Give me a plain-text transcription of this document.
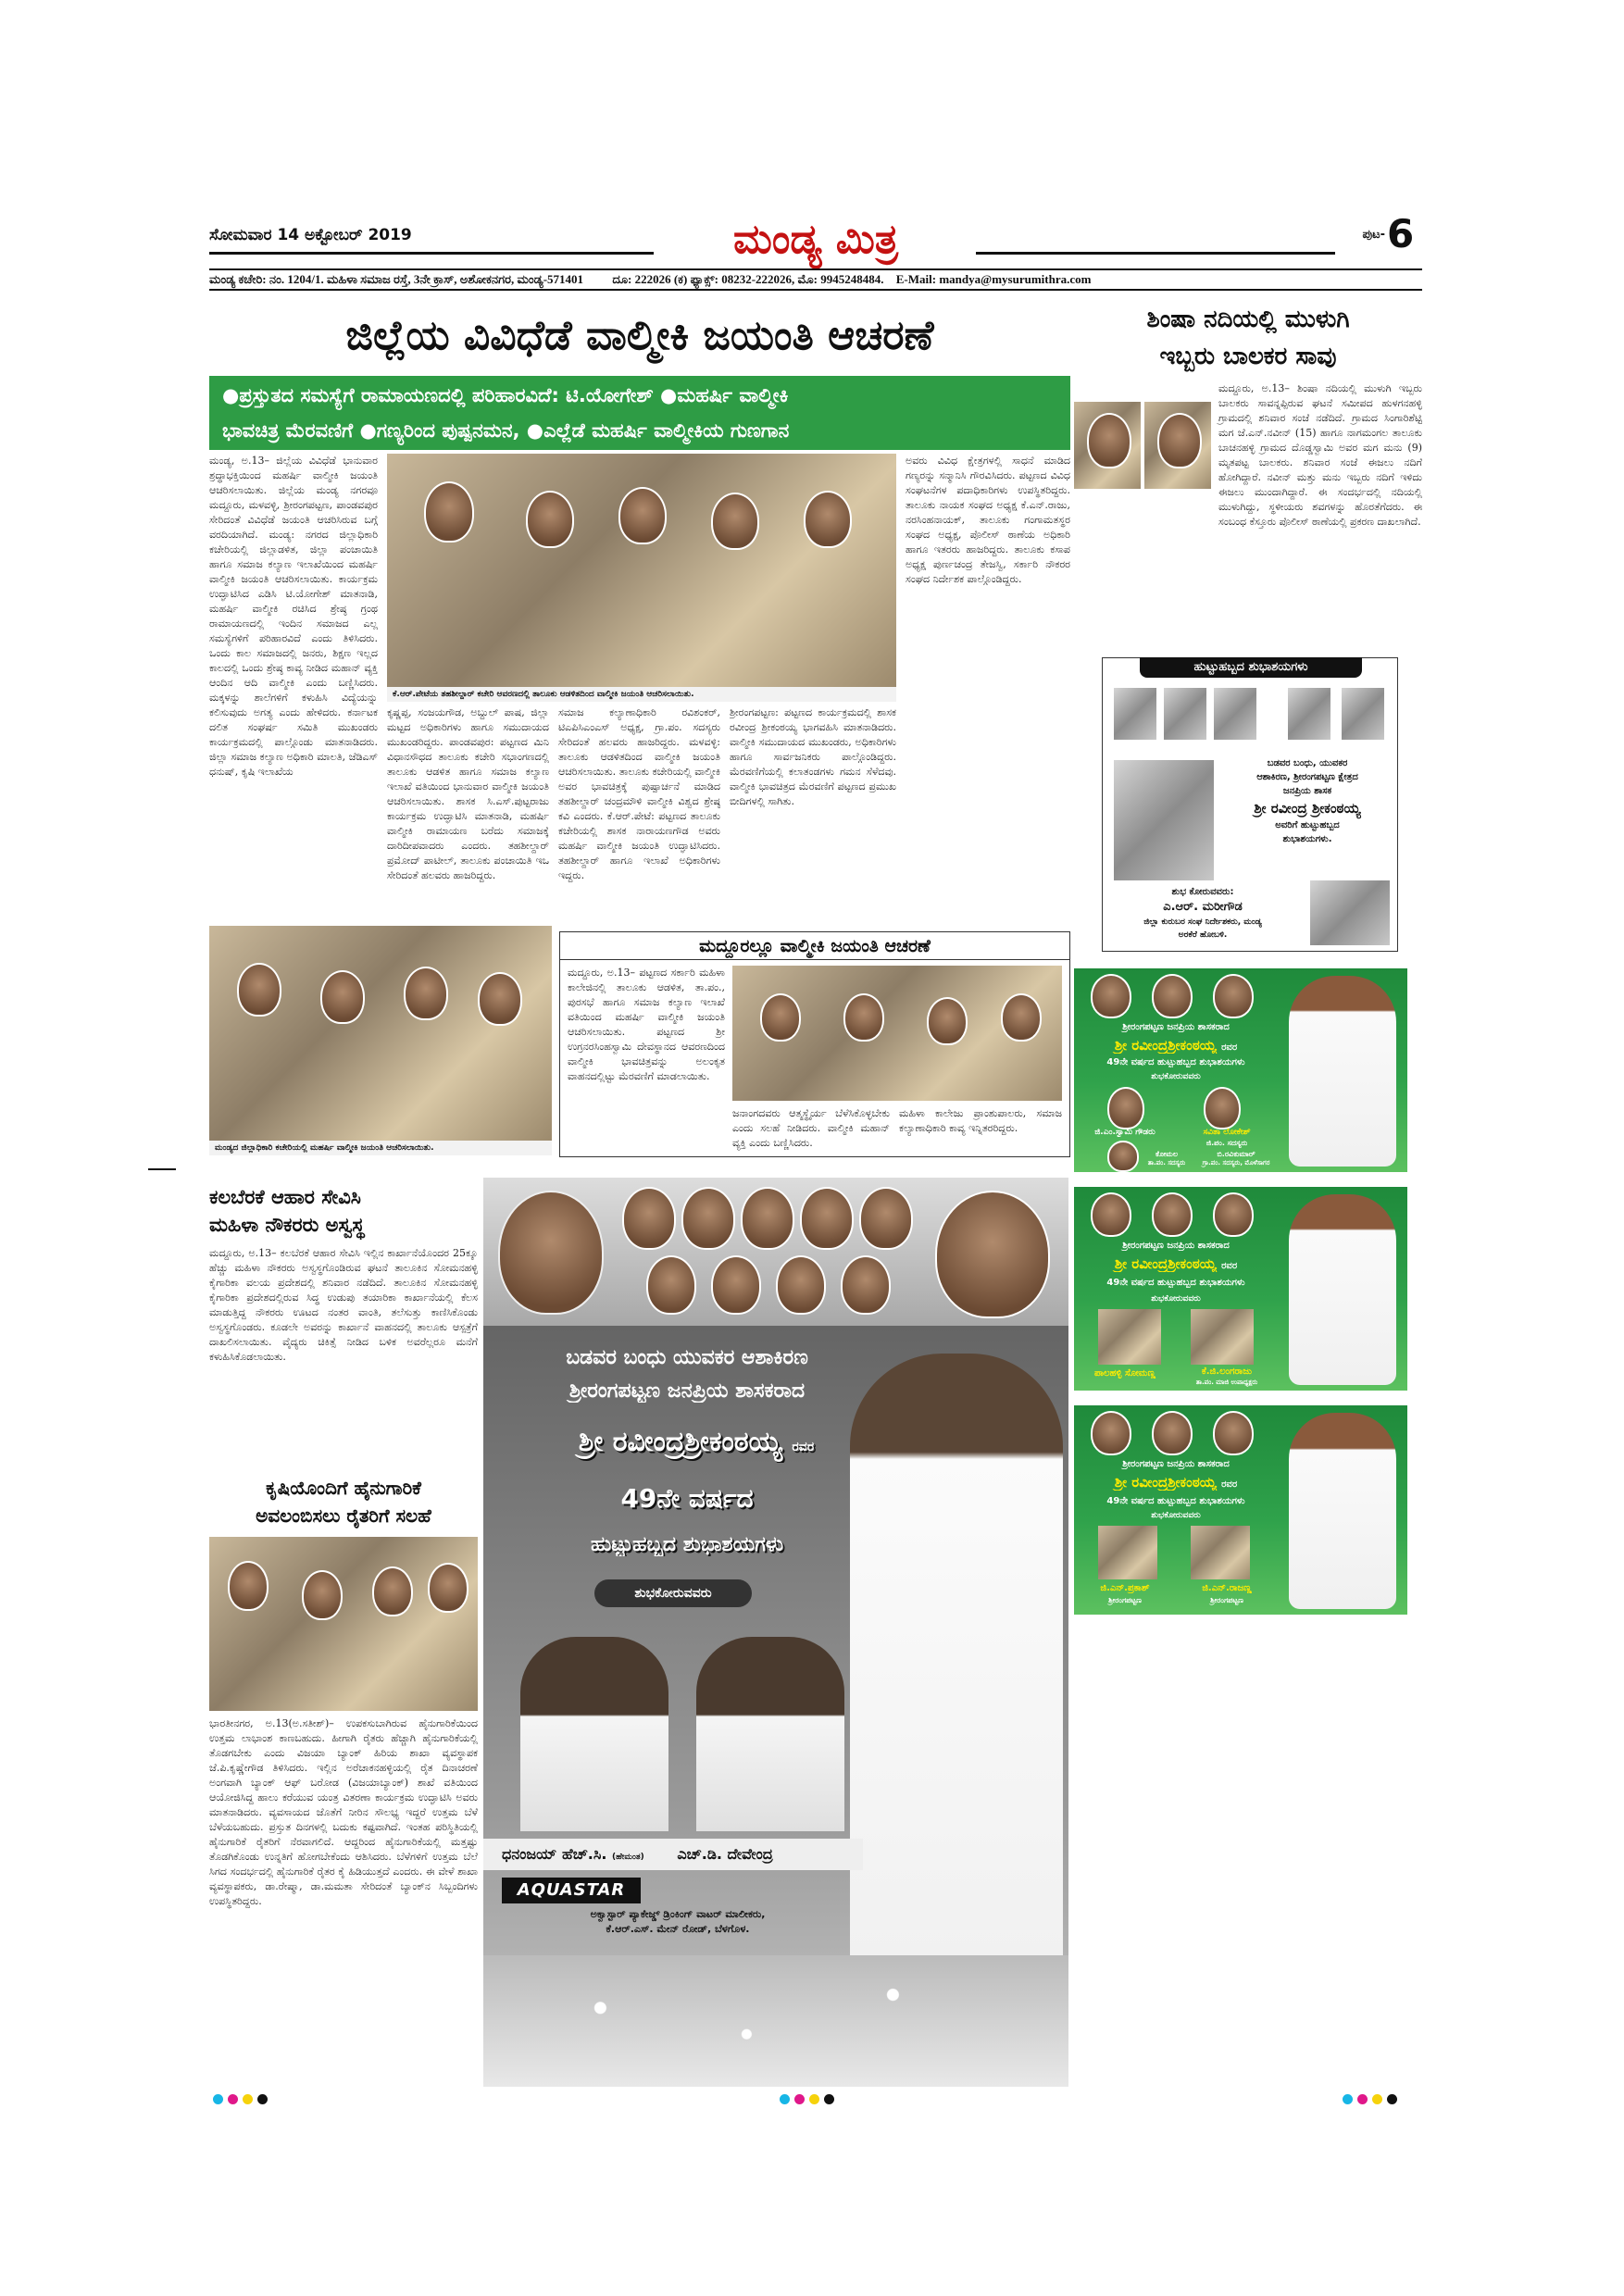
ಸೋಮವಾರ 14 ಅಕ್ಟೋಬರ್ 2019	ಮಂಡ್ಯ ಮಿತ್ರ	ಪುಟ- 6
ಮಂಡ್ಯ ಕಚೇರಿ: ನಂ. 1204/1. ಮಹಿಳಾ ಸಮಾಜ ರಸ್ತೆ, 3ನೇ ಕ್ರಾಸ್, ಅಶೋಕನಗರ, ಮಂಡ್ಯ-571401 ದೂ: 222026 (ಕ) ಫ್ಯಾಕ್ಸ್: 08232-222026, ಮೊ: 9945248484. E-Mail: mandya@mysurumithra.com
ಜಿಲ್ಲೆಯ ವಿವಿಧೆಡೆ ವಾಲ್ಮೀಕಿ ಜಯಂತಿ ಆಚರಣೆ
●ಪ್ರಸ್ತುತದ ಸಮಸ್ಯೆಗೆ ರಾಮಾಯಣದಲ್ಲಿ ಪರಿಹಾರವಿದೆ: ಟಿ.ಯೋಗೇಶ್ ●ಮಹರ್ಷಿ ವಾಲ್ಮೀಕಿ
ಭಾವಚಿತ್ರ ಮೆರವಣಿಗೆ ●ಗಣ್ಯರಿಂದ ಪುಷ್ಪನಮನ, ●ಎಲ್ಲೆಡೆ ಮಹರ್ಷಿ ವಾಲ್ಮೀಕಿಯ ಗುಣಗಾನ
ಮಂಡ್ಯ, ಅ.13– ಜಿಲ್ಲೆಯ ವಿವಿಧೆಡೆ ಭಾನುವಾರ ಶ್ರದ್ಧಾಭಕ್ತಿಯಿಂದ ಮಹರ್ಷಿ ವಾಲ್ಮೀಕಿ ಜಯಂತಿ ಆಚರಿಸಲಾಯಿತು. ಜಿಲ್ಲೆಯ ಮಂಡ್ಯ ನಗರವೂ ಮದ್ದೂರು, ಮಳವಳ್ಳಿ, ಶ್ರೀರಂಗಪಟ್ಟಣ, ಪಾಂಡವಪುರ ಸೇರಿದಂತೆ ವಿವಿಧೆಡೆ ಜಯಂತಿ ಆಚರಿಸಿರುವ ಬಗ್ಗೆ ವರದಿಯಾಗಿದೆ. ಮಂಡ್ಯ: ನಗರದ ಜಿಲ್ಲಾಧಿಕಾರಿ ಕಚೇರಿಯಲ್ಲಿ ಜಿಲ್ಲಾಡಳಿತ, ಜಿಲ್ಲಾ ಪಂಚಾಯಿತಿ ಹಾಗೂ ಸಮಾಜ ಕಲ್ಯಾಣ ಇಲಾಖೆಯಿಂದ ಮಹರ್ಷಿ ವಾಲ್ಮೀಕಿ ಜಯಂತಿ ಆಚರಿಸಲಾಯಿತು. ಕಾರ್ಯಕ್ರಮ ಉದ್ಘಾಟಿಸಿದ ಎಡಿಸಿ ಟಿ.ಯೋಗೇಶ್ ಮಾತನಾಡಿ, ಮಹರ್ಷಿ ವಾಲ್ಮೀಕಿ ರಚಿಸಿದ ಶ್ರೇಷ್ಠ ಗ್ರಂಥ ರಾಮಾಯಣದಲ್ಲಿ ಇಂದಿನ ಸಮಾಜದ ಎಲ್ಲ ಸಮಸ್ಯೆಗಳಿಗೆ ಪರಿಹಾರವಿದೆ ಎಂದು ತಿಳಿಸಿದರು. ಒಂದು ಕಾಲ ಸಮಾಜದಲ್ಲಿ ಜನರು, ಶಿಕ್ಷಣ ಇಲ್ಲದ ಕಾಲದಲ್ಲಿ ಒಂದು ಶ್ರೇಷ್ಠ ಕಾವ್ಯ ನೀಡಿದ ಮಹಾನ್ ವ್ಯಕ್ತಿ ಆಂದಿನ ಆದಿ ವಾಲ್ಮೀಕಿ ಎಂದು ಬಣ್ಣಿಸಿದರು. ಮಕ್ಕಳನ್ನು ಶಾಲೆಗಳಿಗೆ ಕಳುಹಿಸಿ ವಿದ್ಯೆಯನ್ನು ಕಲಿಸುವುದು ಅಗತ್ಯ ಎಂದು ಹೇಳಿದರು. ಕರ್ನಾಟಕ ದಲಿತ ಸಂಘರ್ಷ ಸಮಿತಿ ಮುಖಂಡರು ಕಾರ್ಯಕ್ರಮದಲ್ಲಿ ಪಾಲ್ಗೊಂಡು ಮಾತನಾಡಿದರು. ಜಿಲ್ಲಾ ಸಮಾಜ ಕಲ್ಯಾಣ ಅಧಿಕಾರಿ ಮಾಲತಿ, ಜೆಡಿಎಸ್ ಧನುಷ್, ಕೃಷಿ ಇಲಾಖೆಯ
ಕೆ.ಆರ್.ಪೇಟೆಯ ತಹಶೀಲ್ದಾರ್ ಕಚೇರಿ ಆವರಣದಲ್ಲಿ ತಾಲೂಕು ಆಡಳಿತದಿಂದ ವಾಲ್ಮೀಕಿ ಜಯಂತಿ ಆಚರಿಸಲಾಯಿತು.
ಕೃಷ್ಣಪ್ಪ, ಸಂಜಯಗೌಡ, ಅಬ್ದುಲ್ ಪಾಷ, ಜಿಲ್ಲಾ ಮಟ್ಟದ ಅಧಿಕಾರಿಗಳು ಹಾಗೂ ಸಮುದಾಯದ ಮುಖಂಡರಿದ್ದರು. ಪಾಂಡವಪುರ: ಪಟ್ಟಣದ ಮಿನಿ ವಿಧಾನಸೌಧದ ತಾಲೂಕು ಕಚೇರಿ ಸಭಾಂಗಣದಲ್ಲಿ ತಾಲೂಕು ಆಡಳಿತ ಹಾಗೂ ಸಮಾಜ ಕಲ್ಯಾಣ ಇಲಾಖೆ ವತಿಯಿಂದ ಭಾನುವಾರ ವಾಲ್ಮೀಕಿ ಜಯಂತಿ ಆಚರಿಸಲಾಯಿತು. ಶಾಸಕ ಸಿ.ಎಸ್.ಪುಟ್ಟರಾಜು ಕಾರ್ಯಕ್ರಮ ಉದ್ಘಾಟಿಸಿ ಮಾತನಾಡಿ, ಮಹರ್ಷಿ ವಾಲ್ಮೀಕಿ ರಾಮಾಯಣ ಬರೆದು ಸಮಾಜಕ್ಕೆ ದಾರಿದೀಪವಾದರು ಎಂದರು. ತಹಶೀಲ್ದಾರ್ ಪ್ರಮೋದ್ ಪಾಟೀಲ್, ತಾಲೂಕು ಪಂಚಾಯಿತಿ ಇಒ ಸೇರಿದಂತೆ ಹಲವರು ಹಾಜರಿದ್ದರು.
ಸಮಾಜ ಕಲ್ಯಾಣಾಧಿಕಾರಿ ರವಿಶಂಕರ್, ಟಿಎಪಿಸಿಎಂಎಸ್ ಅಧ್ಯಕ್ಷ, ಗ್ರಾ.ಪಂ. ಸದಸ್ಯರು ಸೇರಿದಂತೆ ಹಲವರು ಹಾಜರಿದ್ದರು. ಮಳವಳ್ಳಿ: ತಾಲೂಕು ಆಡಳಿತದಿಂದ ವಾಲ್ಮೀಕಿ ಜಯಂತಿ ಆಚರಿಸಲಾಯಿತು. ತಾಲೂಕು ಕಚೇರಿಯಲ್ಲಿ ವಾಲ್ಮೀಕಿ ಅವರ ಭಾವಚಿತ್ರಕ್ಕೆ ಪುಷ್ಪಾರ್ಚನೆ ಮಾಡಿದ ತಹಶೀಲ್ದಾರ್ ಚಂದ್ರಮೌಳಿ ವಾಲ್ಮೀಕಿ ವಿಶ್ವದ ಶ್ರೇಷ್ಠ ಕವಿ ಎಂದರು. ಕೆ.ಆರ್.ಪೇಟೆ: ಪಟ್ಟಣದ ತಾಲೂಕು ಕಚೇರಿಯಲ್ಲಿ ಶಾಸಕ ನಾರಾಯಣಗೌಡ ಅವರು ಮಹರ್ಷಿ ವಾಲ್ಮೀಕಿ ಜಯಂತಿ ಉದ್ಘಾಟಿಸಿದರು. ತಹಶೀಲ್ದಾರ್ ಹಾಗೂ ಇಲಾಖೆ ಅಧಿಕಾರಿಗಳು ಇದ್ದರು.
ಶ್ರೀರಂಗಪಟ್ಟಣ: ಪಟ್ಟಣದ ಕಾರ್ಯಕ್ರಮದಲ್ಲಿ ಶಾಸಕ ರವೀಂದ್ರ ಶ್ರೀಕಂಠಯ್ಯ ಭಾಗವಹಿಸಿ ಮಾತನಾಡಿದರು. ವಾಲ್ಮೀಕಿ ಸಮುದಾಯದ ಮುಖಂಡರು, ಅಧಿಕಾರಿಗಳು ಹಾಗೂ ಸಾರ್ವಜನಿಕರು ಪಾಲ್ಗೊಂಡಿದ್ದರು. ಮೆರವಣಿಗೆಯಲ್ಲಿ ಕಲಾತಂಡಗಳು ಗಮನ ಸೆಳೆದವು. ವಾಲ್ಮೀಕಿ ಭಾವಚಿತ್ರದ ಮೆರವಣಿಗೆ ಪಟ್ಟಣದ ಪ್ರಮುಖ ಬೀದಿಗಳಲ್ಲಿ ಸಾಗಿತು.
ಅವರು ವಿವಿಧ ಕ್ಷೇತ್ರಗಳಲ್ಲಿ ಸಾಧನೆ ಮಾಡಿದ ಗಣ್ಯರನ್ನು ಸನ್ಮಾನಿಸಿ ಗೌರವಿಸಿದರು. ಪಟ್ಟಣದ ವಿವಿಧ ಸಂಘಟನೆಗಳ ಪದಾಧಿಕಾರಿಗಳು ಉಪಸ್ಥಿತರಿದ್ದರು. ತಾಲೂಕು ನಾಯಕ ಸಂಘದ ಅಧ್ಯಕ್ಷ ಕೆ.ಎನ್.ರಾಜು, ನರಸಿಂಹನಾಯಕ್, ತಾಲೂಕು ಗಂಗಾಮತಸ್ಥರ ಸಂಘದ ಅಧ್ಯಕ್ಷ, ಪೊಲೀಸ್ ಠಾಣೆಯ ಅಧಿಕಾರಿ ಹಾಗೂ ಇತರರು ಹಾಜರಿದ್ದರು. ತಾಲೂಕು ಕಸಾಪ ಅಧ್ಯಕ್ಷ ಪುರ್ಣಚಂದ್ರ ತೇಜಸ್ವಿ, ಸರ್ಕಾರಿ ನೌಕರರ ಸಂಘದ ನಿರ್ದೇಶಕ ಪಾಲ್ಗೊಂಡಿದ್ದರು.
ಮಂಡ್ಯದ ಜಿಲ್ಲಾಧಿಕಾರಿ ಕಚೇರಿಯಲ್ಲಿ ಮಹರ್ಷಿ ವಾಲ್ಮೀಕಿ ಜಯಂತಿ ಆಚರಿಸಲಾಯಿತು.
ಮದ್ದೂರಲ್ಲೂ ವಾಲ್ಮೀಕಿ ಜಯಂತಿ ಆಚರಣೆ
ಮದ್ದೂರು, ಅ.13– ಪಟ್ಟಣದ ಸರ್ಕಾರಿ ಮಹಿಳಾ ಕಾಲೇಜಿನಲ್ಲಿ ತಾಲೂಕು ಆಡಳಿತ, ತಾ.ಪಂ., ಪುರಸಭೆ ಹಾಗೂ ಸಮಾಜ ಕಲ್ಯಾಣ ಇಲಾಖೆ ವತಿಯಿಂದ ಮಹರ್ಷಿ ವಾಲ್ಮೀಕಿ ಜಯಂತಿ ಆಚರಿಸಲಾಯಿತು. ಪಟ್ಟಣದ ಶ್ರೀ ಉಗ್ರನರಸಿಂಹಸ್ವಾಮಿ ದೇವಸ್ಥಾನದ ಆವರಣದಿಂದ ವಾಲ್ಮೀಕಿ ಭಾವಚಿತ್ರವನ್ನು ಅಲಂಕೃತ ವಾಹನದಲ್ಲಿಟ್ಟು ಮೆರವಣಿಗೆ ಮಾಡಲಾಯಿತು.
ಜನಾಂಗದವರು ಆತ್ಮಸ್ಥೈರ್ಯ ಬೆಳೆಸಿಕೊಳ್ಳಬೇಕು ಎಂದು ಸಲಹೆ ನೀಡಿದರು. ವಾಲ್ಮೀಕಿ ಮಹಾನ್ ವ್ಯಕ್ತಿ ಎಂದು ಬಣ್ಣಿಸಿದರು.
ಮಹಿಳಾ ಕಾಲೇಜು ಪ್ರಾಂಶುಪಾಲರು, ಸಮಾಜ ಕಲ್ಯಾಣಾಧಿಕಾರಿ ಕಾವ್ಯ ಇನ್ನಿತರರಿದ್ದರು.
ಶಿಂಷಾ ನದಿಯಲ್ಲಿ ಮುಳುಗಿ
ಇಬ್ಬರು ಬಾಲಕರ ಸಾವು
ಮದ್ದೂರು, ಅ.13– ಶಿಂಷಾ ನದಿಯಲ್ಲಿ ಮುಳುಗಿ ಇಬ್ಬರು ಬಾಲಕರು ಸಾವನ್ನಪ್ಪಿರುವ ಘಟನೆ ಸಮೀಪದ ಹುಳಗನಹಳ್ಳಿ ಗ್ರಾಮದಲ್ಲಿ ಶನಿವಾರ ಸಂಜೆ ನಡೆದಿದೆ. ಗ್ರಾಮದ ಸಿಂಗಾರಿಶೆಟ್ಟಿ ಮಗ ಜೆ.ಎನ್.ನವೀನ್ (15) ಹಾಗೂ ನಾಗಮಂಗಲ ತಾಲೂಕು ಬಾಚನಹಳ್ಳಿ ಗ್ರಾಮದ ದೊಡ್ಡಸ್ವಾಮಿ ಅವರ ಮಗ ಮನು (9) ಮೃತಪಟ್ಟ ಬಾಲಕರು. ಶನಿವಾರ ಸಂಜೆ ಈಜಲು ನದಿಗೆ ಹೋಗಿದ್ದಾರೆ. ನವೀನ್ ಮತ್ತು ಮನು ಇಬ್ಬರು ನದಿಗೆ ಇಳಿದು ಈಜಲು ಮುಂದಾಗಿದ್ದಾರೆ. ಈ ಸಂದರ್ಭದಲ್ಲಿ ನದಿಯಲ್ಲಿ ಮುಳುಗಿದ್ದು, ಸ್ಥಳೀಯರು ಶವಗಳನ್ನು ಹೊರತೆಗೆದರು. ಈ ಸಂಬಂಧ ಕೆಸ್ತೂರು ಪೊಲೀಸ್ ಠಾಣೆಯಲ್ಲಿ ಪ್ರಕರಣ ದಾಖಲಾಗಿದೆ.
ಹುಟ್ಟುಹಬ್ಬದ ಶುಭಾಶಯಗಳು
ಬಡವರ ಬಂಧು, ಯುವಕರ
ಆಶಾಕಿರಣ, ಶ್ರೀರಂಗಪಟ್ಟಣ ಕ್ಷೇತ್ರದ
ಜನಪ್ರಿಯ ಶಾಸಕ
ಶ್ರೀ ರವೀಂದ್ರ ಶ್ರೀಕಂಠಯ್ಯ
ಅವರಿಗೆ ಹುಟ್ಟುಹಬ್ಬದ
ಶುಭಾಶಯಗಳು.
ಶುಭ ಕೋರುವವರು:
ಎ.ಆರ್. ಮರೀಗೌಡ
ಜಿಲ್ಲಾ ಕುರುಬರ ಸಂಘ ನಿರ್ದೇಶಕರು, ಮಂಡ್ಯ
ಅರಕೆರೆ ಹೋಬಳಿ.
ಶ್ರೀರಂಗಪಟ್ಟಣ ಜನಪ್ರಿಯ ಶಾಸಕರಾದ
ಶ್ರೀ ರವೀಂದ್ರಶ್ರೀಕಂಠಯ್ಯ ರವರ
49ನೇ ವರ್ಷದ ಹುಟ್ಟುಹಬ್ಬದ ಶುಭಾಶಯಗಳು
ಶುಭಕೋರುವವರು
ಜಿ.ಎಂ.ಸ್ವಾಮಿ ಗೌಡರು	ಸವಿತಾ ಲೋಕೇಶ್
ಜಿ.ಪಂ. ಸದಸ್ಯರು
ಕೋಮಲ
ತಾ.ಪಂ. ಸದಸ್ಯರು
ಬಿ.ರವಿಕುಮಾರ್
ಗ್ರಾ.ಪಂ. ಸದಸ್ಯರು, ಮೊಳೆಸಾಗರ
ಶ್ರೀರಂಗಪಟ್ಟಣ ಜನಪ್ರಿಯ ಶಾಸಕರಾದ
ಶ್ರೀ ರವೀಂದ್ರಶ್ರೀಕಂಠಯ್ಯ ರವರ
49ನೇ ವರ್ಷದ ಹುಟ್ಟುಹಬ್ಬದ ಶುಭಾಶಯಗಳು
ಶುಭಕೋರುವವರು
ಪಾಲಹಳ್ಳಿ ಸೋಮಣ್ಣ	ಕೆ.ಜಿ.ಲಂಗರಾಜು
ತಾ.ಪಂ. ಮಾಜಿ ಉಪಾಧ್ಯಕ್ಷರು
ಶ್ರೀರಂಗಪಟ್ಟಣ ಜನಪ್ರಿಯ ಶಾಸಕರಾದ
ಶ್ರೀ ರವೀಂದ್ರಶ್ರೀಕಂಠಯ್ಯ ರವರ
49ನೇ ವರ್ಷದ ಹುಟ್ಟುಹಬ್ಬದ ಶುಭಾಶಯಗಳು
ಶುಭಕೋರುವವರು
ಜಿ.ಎನ್.ಪ್ರಕಾಶ್
ಶ್ರೀರಂಗಪಟ್ಟಣ
ಜಿ.ಎನ್.ರಾಜಣ್ಣ
ಶ್ರೀರಂಗಪಟ್ಟಣ
ಕಲಬೆರಕೆ ಆಹಾರ ಸೇವಿಸಿ
ಮಹಿಳಾ ನೌಕರರು ಅಸ್ವಸ್ಥ
ಮದ್ದೂರು, ಅ.13– ಕಲಬೆರಕೆ ಆಹಾರ ಸೇವಿಸಿ ಇಲ್ಲಿನ ಕಾರ್ಖಾನೆಯೊಂದರ 25ಕ್ಕೂ ಹೆಚ್ಚು ಮಹಿಳಾ ನೌಕರರು ಅಸ್ವಸ್ಥಗೊಂಡಿರುವ ಘಟನೆ ತಾಲೂಕಿನ ಸೋಮನಹಳ್ಳಿ ಕೈಗಾರಿಕಾ ವಲಯ ಪ್ರದೇಶದಲ್ಲಿ ಶನಿವಾರ ನಡೆದಿದೆ. ತಾಲೂಕಿನ ಸೋಮನಹಳ್ಳಿ ಕೈಗಾರಿಕಾ ಪ್ರದೇಶದಲ್ಲಿರುವ ಸಿದ್ಧ ಉಡುಪು ತಯಾರಿಕಾ ಕಾರ್ಖಾನೆಯಲ್ಲಿ ಕೆಲಸ ಮಾಡುತ್ತಿದ್ದ ನೌಕರರು ಊಟದ ನಂತರ ವಾಂತಿ, ತಲೆಸುತ್ತು ಕಾಣಿಸಿಕೊಂಡು ಅಸ್ವಸ್ಥಗೊಂಡರು. ಕೂಡಲೇ ಅವರನ್ನು ಕಾರ್ಖಾನೆ ವಾಹನದಲ್ಲಿ ತಾಲೂಕು ಆಸ್ಪತ್ರೆಗೆ ದಾಖಲಿಸಲಾಯಿತು. ವೈದ್ಯರು ಚಿಕಿತ್ಸೆ ನೀಡಿದ ಬಳಿಕ ಅವರೆಲ್ಲರೂ ಮನೆಗೆ ಕಳುಹಿಸಿಕೊಡಲಾಯಿತು.
ಕೃಷಿಯೊಂದಿಗೆ ಹೈನುಗಾರಿಕೆ
ಅವಲಂಬಿಸಲು ರೈತರಿಗೆ ಸಲಹೆ
ಭಾರತೀನಗರ, ಅ.13(ಅ.ಸತೀಶ್)– ಉಪಕಸುಬಾಗಿರುವ ಹೈನುಗಾರಿಕೆಯಿಂದ ಉತ್ತಮ ಲಾಭಾಂಶ ಕಾಣಬಹುದು. ಹೀಗಾಗಿ ರೈತರು ಹೆಚ್ಚಾಗಿ ಹೈನುಗಾರಿಕೆಯಲ್ಲಿ ತೊಡಗಬೇಕು ಎಂದು ವಿಜಯಾ ಬ್ಯಾಂಕ್ ಹಿರಿಯ ಶಾಖಾ ವ್ಯವಸ್ಥಾಪಕ ಜೆ.ಪಿ.ಕೃಷ್ಣೇಗೌಡ ತಿಳಿಸಿದರು. ಇಲ್ಲಿನ ಅರೆಚಾಕನಹಳ್ಳಿಯಲ್ಲಿ ರೈತ ದಿನಾಚರಣೆ ಅಂಗವಾಗಿ ಬ್ಯಾಂಕ್ ಆಫ್ ಬರೋಡ (ವಿಜಯಾಬ್ಯಾಂಕ್) ಶಾಖೆ ವತಿಯಿಂದ ಆಯೋಜಿಸಿದ್ದ ಹಾಲು ಕರೆಯುವ ಯಂತ್ರ ವಿತರಣಾ ಕಾರ್ಯಕ್ರಮ ಉದ್ಘಾಟಿಸಿ ಅವರು ಮಾತನಾಡಿದರು. ವ್ಯವಸಾಯದ ಜೊತೆಗೆ ನೀರಿನ ಸೌಲಭ್ಯ ಇದ್ದರೆ ಉತ್ತಮ ಬೆಳೆ ಬೆಳೆಯಬಹುದು. ಪ್ರಸ್ತುತ ದಿನಗಳಲ್ಲಿ ಬದುಕು ಕಷ್ಟವಾಗಿದೆ. ಇಂತಹ ಪರಿಸ್ಥಿತಿಯಲ್ಲಿ ಹೈನುಗಾರಿಕೆ ರೈತರಿಗೆ ನೆರವಾಗಲಿದೆ. ಆದ್ದರಿಂದ ಹೈನುಗಾರಿಕೆಯಲ್ಲಿ ಮತ್ತಷ್ಟು ತೊಡಗಿಕೊಂಡು ಉನ್ನತಿಗೆ ಹೋಗಬೇಕೆಂದು ಆಶಿಸಿದರು. ಬೆಳೆಗಳಿಗೆ ಉತ್ತಮ ಬೆಲೆ ಸಿಗದ ಸಂದರ್ಭದಲ್ಲಿ ಹೈನುಗಾರಿಕೆ ರೈತರ ಕೈ ಹಿಡಿಯುತ್ತದೆ ಎಂದರು. ಈ ವೇಳೆ ಶಾಖಾ ವ್ಯವಸ್ಥಾಪಕರು, ಡಾ.ರೇಷ್ಮಾ, ಡಾ.ಮಮತಾ ಸೇರಿದಂತೆ ಬ್ಯಾಂಕ್‌ನ ಸಿಬ್ಬಂದಿಗಳು ಉಪಸ್ಥಿತರಿದ್ದರು.
ಬಡವರ ಬಂಧು ಯುವಕರ ಆಶಾಕಿರಣ
ಶ್ರೀರಂಗಪಟ್ಟಣ ಜನಪ್ರಿಯ ಶಾಸಕರಾದ
ಶ್ರೀ ರವೀಂದ್ರಶ್ರೀಕಂಠಯ್ಯ ರವರ
49ನೇ ವರ್ಷದ
ಹುಟ್ಟುಹಬ್ಬದ ಶುಭಾಶಯಗಳು
ಶುಭಕೋರುವವರು
ಧನಂಜಯ್ ಹೆಚ್.ಸಿ. (ಹೇಮಂತ) ಎಚ್.ಡಿ. ದೇವೇಂದ್ರ
AQUASTAR
ಅಕ್ವಾಸ್ಟಾರ್ ಪ್ಯಾಕೇಜ್ಡ್ ಡ್ರಿಂಕಿಂಗ್ ವಾಟರ್ ಮಾಲೀಕರು,
ಕೆ.ಆರ್.ಎಸ್. ಮೇನ್ ರೋಡ್, ಬೆಳಗೊಳ.
